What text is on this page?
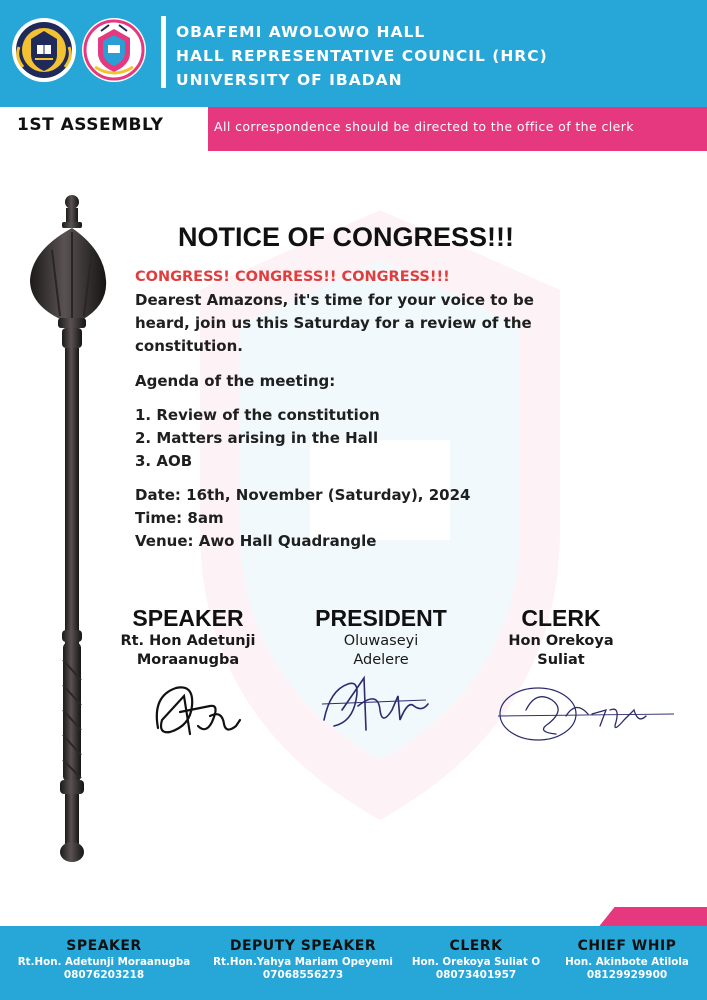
OBAFEMI AWOLOWO HALL
HALL REPRESENTATIVE COUNCIL (HRC)
UNIVERSITY OF IBADAN
1ST ASSEMBLY	All correspondence should be directed to the office of the clerk
NOTICE OF CONGRESS!!!
CONGRESS! CONGRESS!! CONGRESS!!!
Dearest Amazons, it's time for your voice to be heard, join us this Saturday for a review of the constitution.
Agenda of the meeting:
1. Review of the constitution
2. Matters arising in the Hall
3. AOB
Date: 16th, November (Saturday), 2024
Time: 8am
Venue: Awo Hall Quadrangle
SPEAKER
Rt. Hon Adetunji
Moraanugba
PRESIDENT
Oluwaseyi
Adelere
CLERK
Hon Orekoya
Suliat
SPEAKER
Rt.Hon. Adetunji Moraanugba
08076203218
DEPUTY SPEAKER
Rt.Hon.Yahya Mariam Opeyemi
07068556273
CLERK
Hon. Orekoya Suliat O
08073401957
CHIEF WHIP
Hon. Akinbote Atilola
08129929900
